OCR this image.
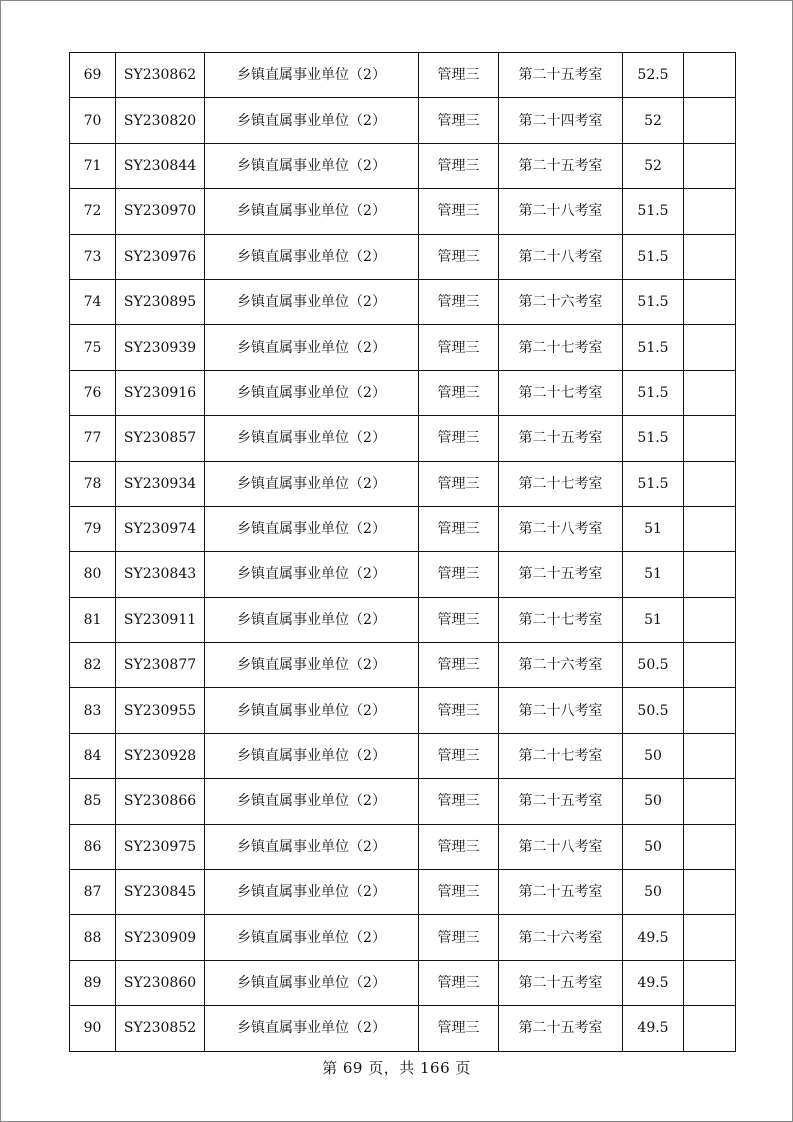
69	SY230862	乡镇直属事业单位（2）	管理三	第二十五考室	52.5	
70	SY230820	乡镇直属事业单位（2）	管理三	第二十四考室	52	
71	SY230844	乡镇直属事业单位（2）	管理三	第二十五考室	52	
72	SY230970	乡镇直属事业单位（2）	管理三	第二十八考室	51.5	
73	SY230976	乡镇直属事业单位（2）	管理三	第二十八考室	51.5	
74	SY230895	乡镇直属事业单位（2）	管理三	第二十六考室	51.5	
75	SY230939	乡镇直属事业单位（2）	管理三	第二十七考室	51.5	
76	SY230916	乡镇直属事业单位（2）	管理三	第二十七考室	51.5	
77	SY230857	乡镇直属事业单位（2）	管理三	第二十五考室	51.5	
78	SY230934	乡镇直属事业单位（2）	管理三	第二十七考室	51.5	
79	SY230974	乡镇直属事业单位（2）	管理三	第二十八考室	51	
80	SY230843	乡镇直属事业单位（2）	管理三	第二十五考室	51	
81	SY230911	乡镇直属事业单位（2）	管理三	第二十七考室	51	
82	SY230877	乡镇直属事业单位（2）	管理三	第二十六考室	50.5	
83	SY230955	乡镇直属事业单位（2）	管理三	第二十八考室	50.5	
84	SY230928	乡镇直属事业单位（2）	管理三	第二十七考室	50	
85	SY230866	乡镇直属事业单位（2）	管理三	第二十五考室	50	
86	SY230975	乡镇直属事业单位（2）	管理三	第二十八考室	50	
87	SY230845	乡镇直属事业单位（2）	管理三	第二十五考室	50	
88	SY230909	乡镇直属事业单位（2）	管理三	第二十六考室	49.5	
89	SY230860	乡镇直属事业单位（2）	管理三	第二十五考室	49.5	
90	SY230852	乡镇直属事业单位（2）	管理三	第二十五考室	49.5	
第 69 页，共 166 页
